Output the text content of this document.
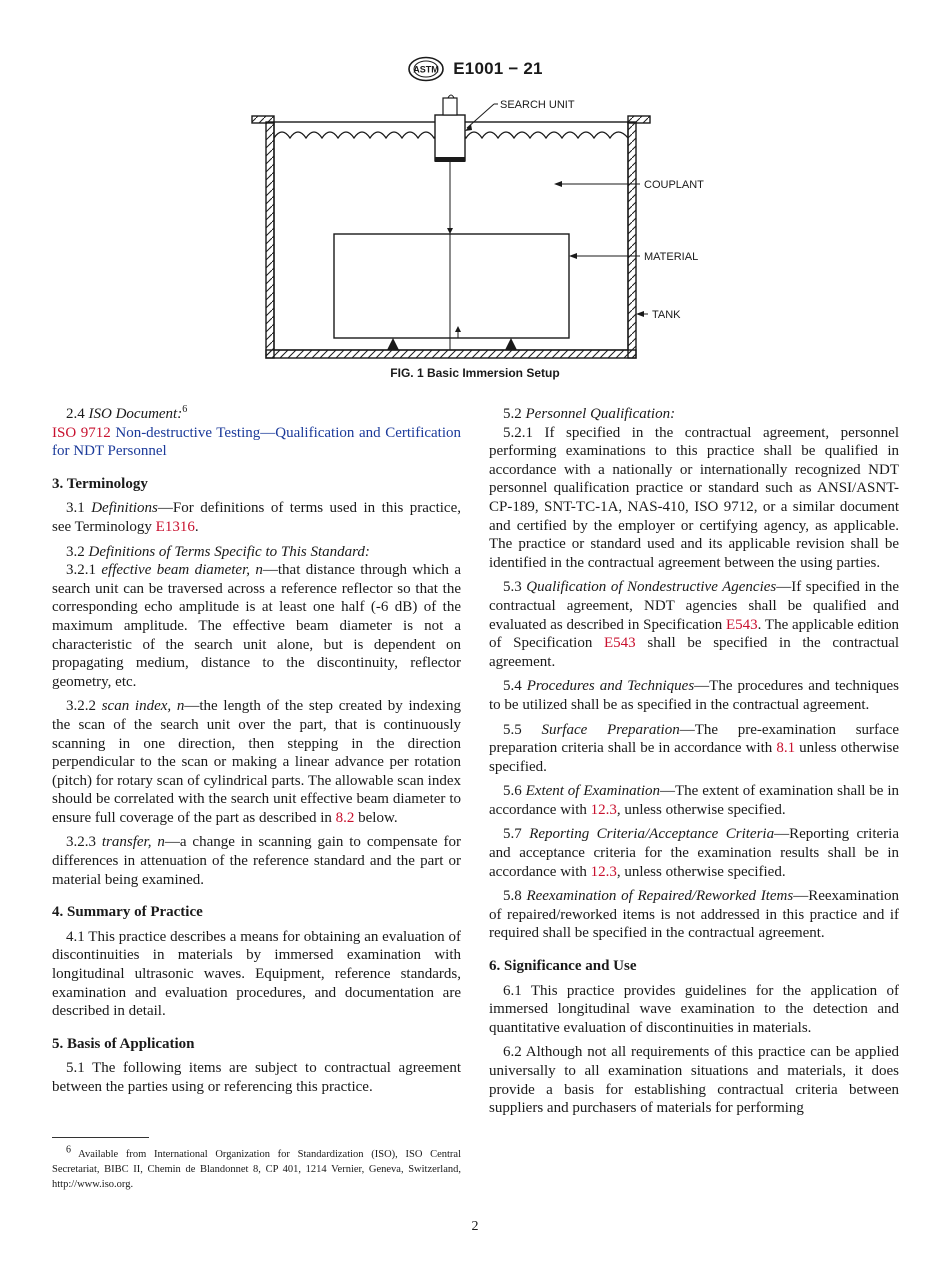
ASTM E1001 − 21
SEARCH UNIT
COUPLANT
MATERIAL
TANK
FIG. 1 Basic Immersion Setup

2.4 ISO Document:$^6$

ISO 9712 Non-destructive Testing—Qualification and Certification for NDT Personnel

3. Terminology

3.1 Definitions—For definitions of terms used in this practice, see Terminology E1316.

3.2 Definitions of Terms Specific to This Standard:

3.2.1 effective beam diameter, n—that distance through which a search unit can be traversed across a reference reflector so that the corresponding echo amplitude is at least one half (-6 dB) of the maximum amplitude. The effective beam diameter is not a characteristic of the search unit alone, but is dependent on propagating medium, distance to the discontinuity, reflector geometry, etc.

3.2.2 scan index, n—the length of the step created by indexing the scan of the search unit over the part, that is continuously scanning in one direction, then stepping in the direction perpendicular to the scan or making a linear advance per rotation (pitch) for rotary scan of cylindrical parts. The allowable scan index should be correlated with the search unit effective beam diameter to ensure full coverage of the part as described in 8.2 below.

3.2.3 transfer, n—a change in scanning gain to compensate for differences in attenuation of the reference standard and the part or material being examined.

4. Summary of Practice

4.1 This practice describes a means for obtaining an evaluation of discontinuities in materials by immersed examination with longitudinal ultrasonic waves. Equipment, reference standards, examination and evaluation procedures, and documentation are described in detail.

5. Basis of Application

5.1 The following items are subject to contractual agreement between the parties using or referencing this practice.

5.2 Personnel Qualification:

5.2.1 If specified in the contractual agreement, personnel performing examinations to this practice shall be qualified in accordance with a nationally or internationally recognized NDT personnel qualification practice or standard such as ANSI/ASNT-CP-189, SNT-TC-1A, NAS-410, ISO 9712, or a similar document and certified by the employer or certifying agency, as applicable. The practice or standard used and its applicable revision shall be identified in the contractual agreement between the using parties.

5.3 Qualification of Nondestructive Agencies—If specified in the contractual agreement, NDT agencies shall be qualified and evaluated as described in Specification E543. The applicable edition of Specification E543 shall be specified in the contractual agreement.

5.4 Procedures and Techniques—The procedures and techniques to be utilized shall be as specified in the contractual agreement.

5.5 Surface Preparation—The pre-examination surface preparation criteria shall be in accordance with 8.1 unless otherwise specified.

5.6 Extent of Examination—The extent of examination shall be in accordance with 12.3, unless otherwise specified.

5.7 Reporting Criteria/Acceptance Criteria—Reporting criteria and acceptance criteria for the examination results shall be in accordance with 12.3, unless otherwise specified.

5.8 Reexamination of Repaired/Reworked Items—Reexamination of repaired/reworked items is not addressed in this practice and if required shall be specified in the contractual agreement.

6. Significance and Use

6.1 This practice provides guidelines for the application of immersed longitudinal wave examination to the detection and quantitative evaluation of discontinuities in materials.

6.2 Although not all requirements of this practice can be applied universally to all examination situations and materials, it does provide a basis for establishing contractual criteria between suppliers and purchasers of materials for performing

$^6$ Available from International Organization for Standardization (ISO), ISO Central Secretariat, BIBC II, Chemin de Blandonnet 8, CP 401, 1214 Vernier, Geneva, Switzerland, http://www.iso.org.

2
